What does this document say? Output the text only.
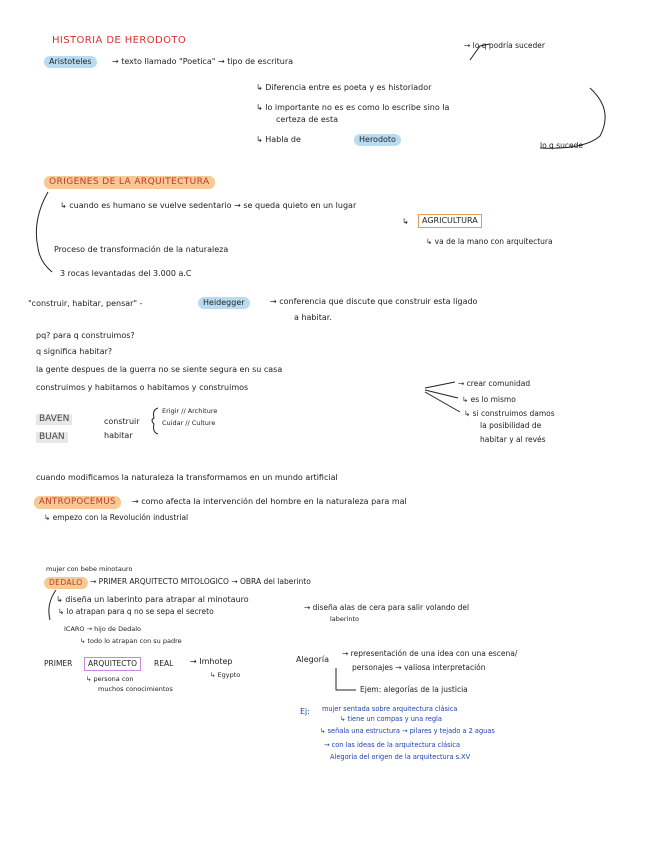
HISTORIA DE HERODOTO
Aristoteles	→ texto llamado "Poetica" → tipo de escritura
→ lo q podría suceder
↳ Diferencia entre es poeta y es historiador
↳ lo importante no es es como lo escribe sino la
certeza de esta
↳ Habla de	Herodoto
lo q sucede
ORIGENES DE LA ARQUITECTURA
↳ cuando es humano se vuelve sedentario → se queda quieto en un lugar
↳	AGRICULTURA
↳ va de la mano con arquitectura
Proceso de transformación de la naturaleza
3 rocas levantadas del 3.000 a.C
"construir, habitar, pensar" -	Heidegger	→ conferencia que discute que construir esta ligado
a habitar.
pq? para q construimos?
q significa habitar?
la gente despues de la guerra no se siente segura en su casa
construimos y habitamos o habitamos y construimos	→ crear comunidad
↳ es lo mismo
↳ si construimos damos
la posibilidad de
habitar y al revés
BAVEN
BUAN
construir
habitar
Erigir // Architure
Cuidar // Culture
cuando modificamos la naturaleza la transformamos en un mundo artificial
ANTROPOCEMUS	→ como afecta la intervención del hombre en la naturaleza para mal
↳ empezo con la Revolución industrial
mujer con bebe minotauro
DEDALO → PRIMER ARQUITECTO MITOLOGICO → OBRA del laberinto
↳ diseña un laberinto para atrapar al minotauro
↳ lo atrapan para q no se sepa el secreto	→ diseña alas de cera para salir volando del
laberinto
ICARO → hijo de Dedalo
↳ todo lo atrapan con su padre
PRIMER	ARQUITECTO	REAL → Imhotep
↳ persona con
muchos conocimientos
↳ Egypto
Alegoría
→ representación de una idea con una escena/
personajes → valiosa interpretación
Ejem: alegorías de la justicia
Ej: mujer sentada sobre arquitectura clásica
↳ tiene un compas y una regla
↳ señala una estructura → pilares y tejado a 2 aguas
→ con las ideas de la arquitectura clásica
Alegoría del origen de la arquitectura s.XV
